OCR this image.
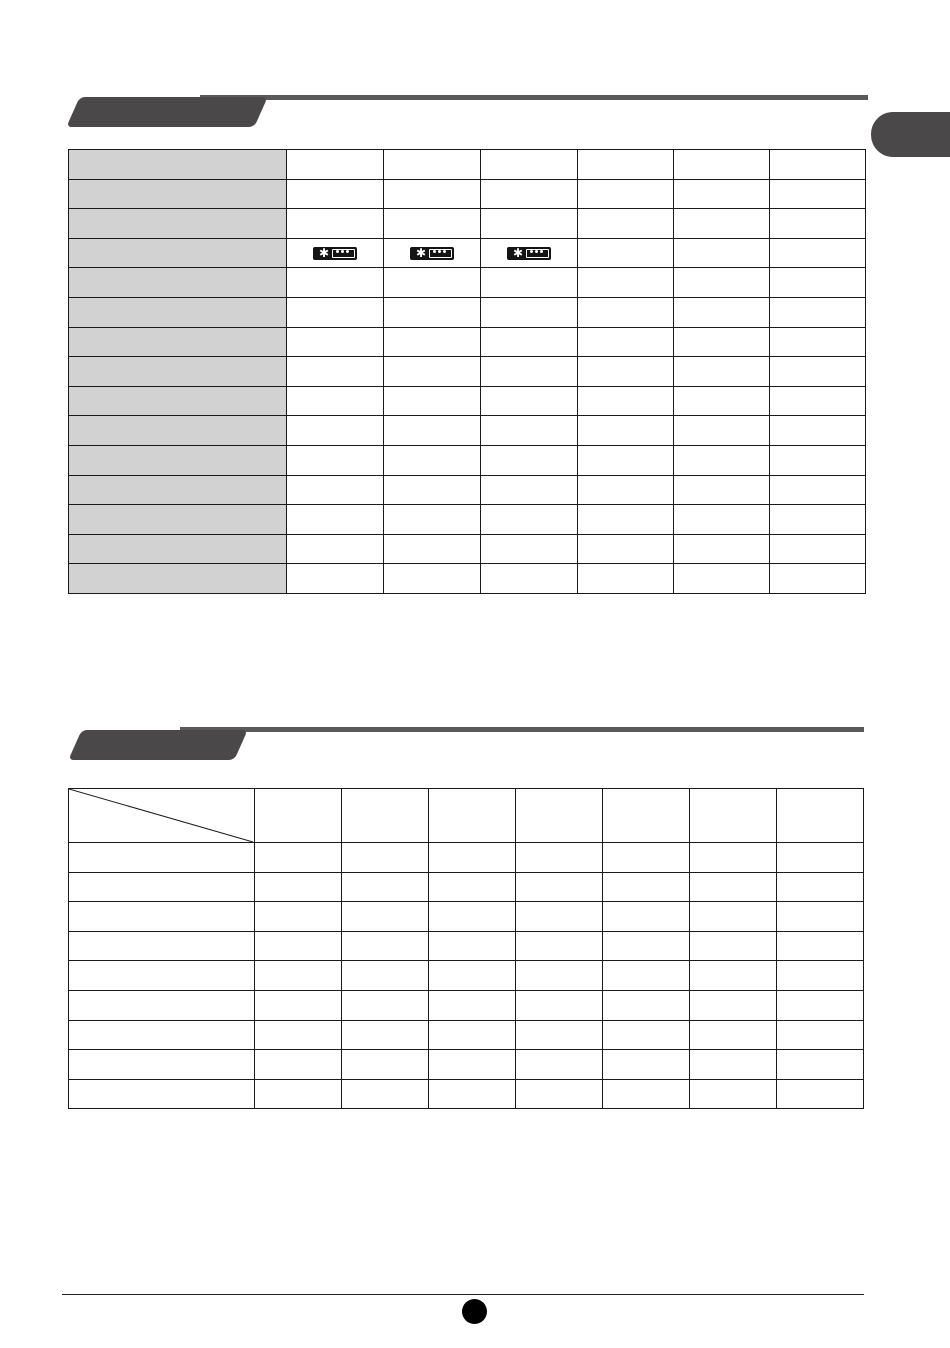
	✱	✱	✱			
